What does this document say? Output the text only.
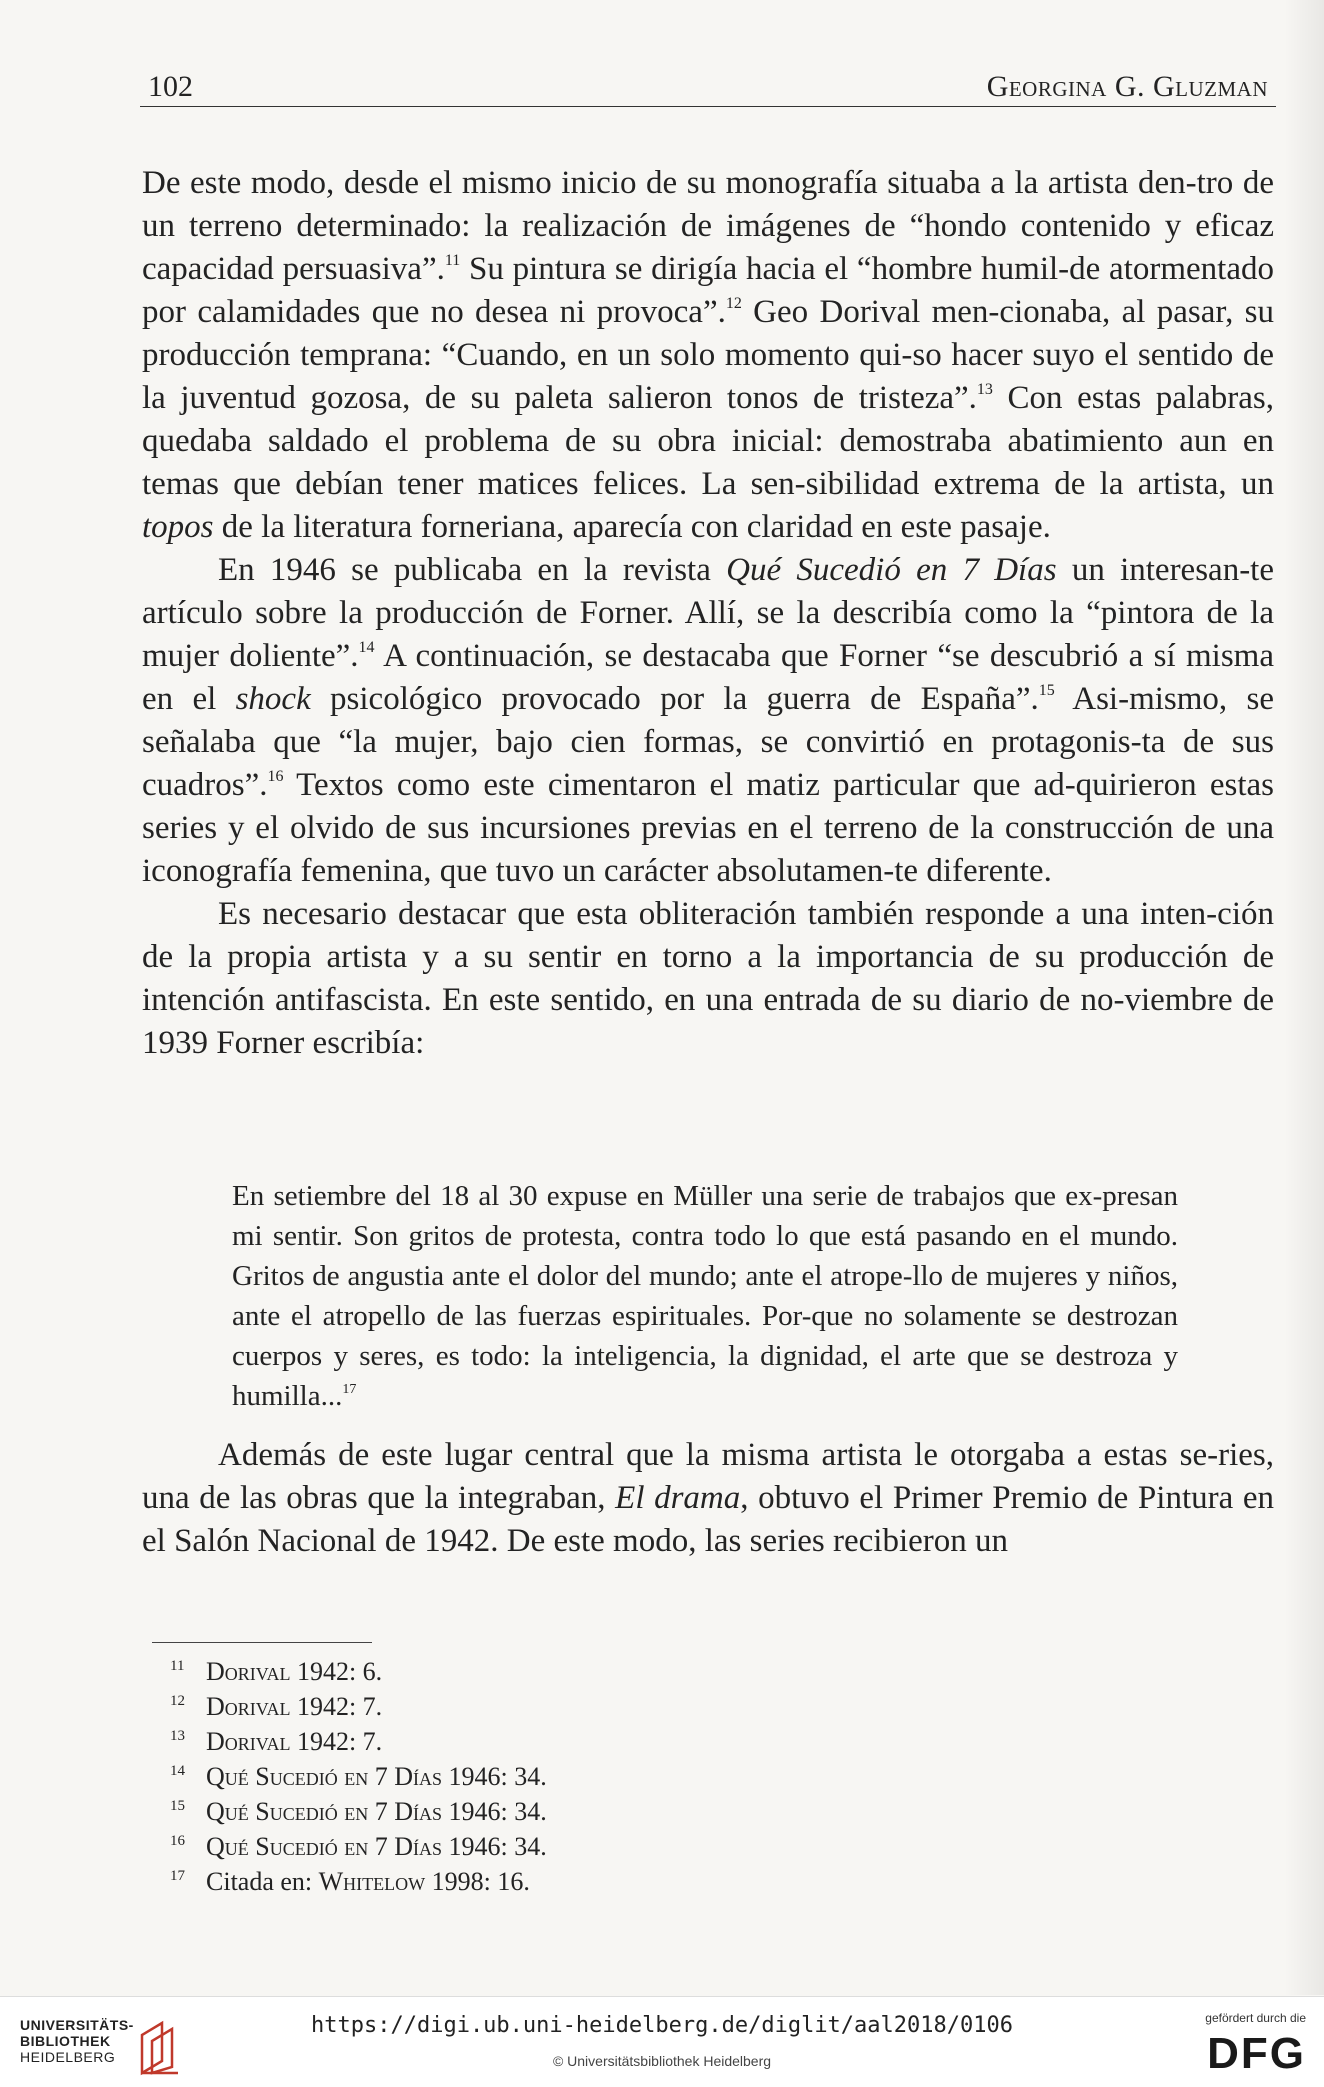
102	Georgina G. Gluzman

De este modo, desde el mismo inicio de su monografía situaba a la artista den-tro de un terreno determinado: la realización de imágenes de “hondo contenido y eficaz capacidad persuasiva”.$^{11}$ Su pintura se dirigía hacia el “hombre humil-de atormentado por calamidades que no desea ni provoca”.$^{12}$ Geo Dorival men-cionaba, al pasar, su producción temprana: “Cuando, en un solo momento qui-so hacer suyo el sentido de la juventud gozosa, de su paleta salieron tonos de tristeza”.$^{13}$ Con estas palabras, quedaba saldado el problema de su obra inicial: demostraba abatimiento aun en temas que debían tener matices felices. La sen-sibilidad extrema de la artista, un topos de la literatura forneriana, aparecía con claridad en este pasaje.

En 1946 se publicaba en la revista Qué Sucedió en 7 Días un interesan-te artículo sobre la producción de Forner. Allí, se la describía como la “pintora de la mujer doliente”.$^{14}$ A continuación, se destacaba que Forner “se descubrió a sí misma en el shock psicológico provocado por la guerra de España”.$^{15}$ Asi-mismo, se señalaba que “la mujer, bajo cien formas, se convirtió en protagonis-ta de sus cuadros”.$^{16}$ Textos como este cimentaron el matiz particular que ad-quirieron estas series y el olvido de sus incursiones previas en el terreno de la construcción de una iconografía femenina, que tuvo un carácter absolutamen-te diferente.

Es necesario destacar que esta obliteración también responde a una inten-ción de la propia artista y a su sentir en torno a la importancia de su producción de intención antifascista. En este sentido, en una entrada de su diario de no-viembre de 1939 Forner escribía:

En setiembre del 18 al 30 expuse en Müller una serie de trabajos que ex-presan mi sentir. Son gritos de protesta, contra todo lo que está pasando en el mundo. Gritos de angustia ante el dolor del mundo; ante el atrope-llo de mujeres y niños, ante el atropello de las fuerzas espirituales. Por-que no solamente se destrozan cuerpos y seres, es todo: la inteligencia, la dignidad, el arte que se destroza y humilla...$^{17}$

Además de este lugar central que la misma artista le otorgaba a estas se-ries, una de las obras que la integraban, El drama, obtuvo el Primer Premio de Pintura en el Salón Nacional de 1942. De este modo, las series recibieron un

11 Dorival 1942: 6.
12 Dorival 1942: 7.
13 Dorival 1942: 7.
14 Qué Sucedió en 7 Días 1946: 34.
15 Qué Sucedió en 7 Días 1946: 34.
16 Qué Sucedió en 7 Días 1946: 34.
17 Citada en: Whitelow 1998: 16.
UNIVERSITÄTS-
BIBLIOTHEK
HEIDELBERG
https://digi.ub.uni-heidelberg.de/diglit/aal2018/0106
© Universitätsbibliothek Heidelberg
gefördert durch die
DFG
